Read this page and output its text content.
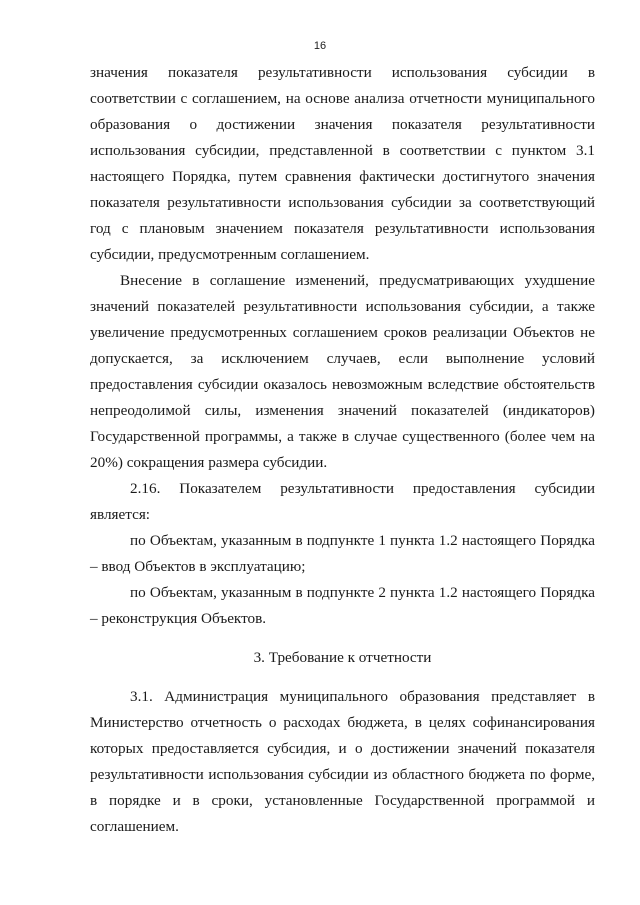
16

значения показателя результативности использования субсидии в соответствии с соглашением, на основе анализа отчетности муниципального образования о достижении значения показателя результативности использования субсидии, представленной в соответствии с пунктом 3.1 настоящего Порядка, путем сравнения фактически достигнутого значения показателя результативности использования субсидии за соответствующий год с плановым значением показателя результативности использования субсидии, предусмотренным соглашением.

Внесение в соглашение изменений, предусматривающих ухудшение значений показателей результативности использования субсидии, а также увеличение предусмотренных соглашением сроков реализации Объектов не допускается, за исключением случаев, если выполнение условий предоставления субсидии оказалось невозможным вследствие обстоятельств непреодолимой силы, изменения значений показателей (индикаторов) Государственной программы, а также в случае существенного (более чем на 20%) сокращения размера субсидии.

2.16. Показателем результативности предоставления субсидии является:

по Объектам, указанным в подпункте 1 пункта 1.2 настоящего Порядка – ввод Объектов в эксплуатацию;

по Объектам, указанным в подпункте 2 пункта 1.2 настоящего Порядка – реконструкция Объектов.

3. Требование к отчетности

3.1. Администрация муниципального образования представляет в Министерство отчетность о расходах бюджета, в целях софинансирования которых предоставляется субсидия, и о достижении значений показателя результативности использования субсидии из областного бюджета по форме, в порядке и в сроки, установленные Государственной программой и соглашением.
